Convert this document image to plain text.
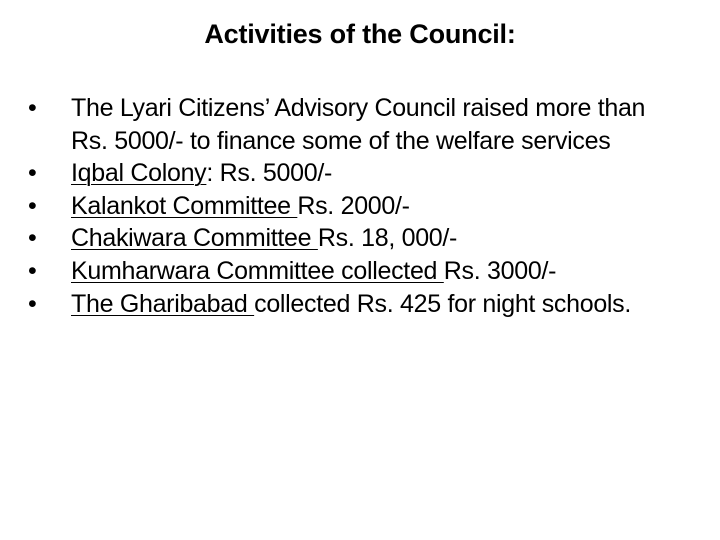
Activities of the Council:
•	The Lyari Citizens’ Advisory Council raised more than Rs. 5000/- to finance some of the welfare services
•	Iqbal Colony: Rs. 5000/-
•	Kalankot Committee Rs. 2000/-
•	Chakiwara Committee Rs. 18, 000/-
•	Kumharwara Committee collected Rs. 3000/-
•	The Gharibabad collected Rs. 425 for night schools.
